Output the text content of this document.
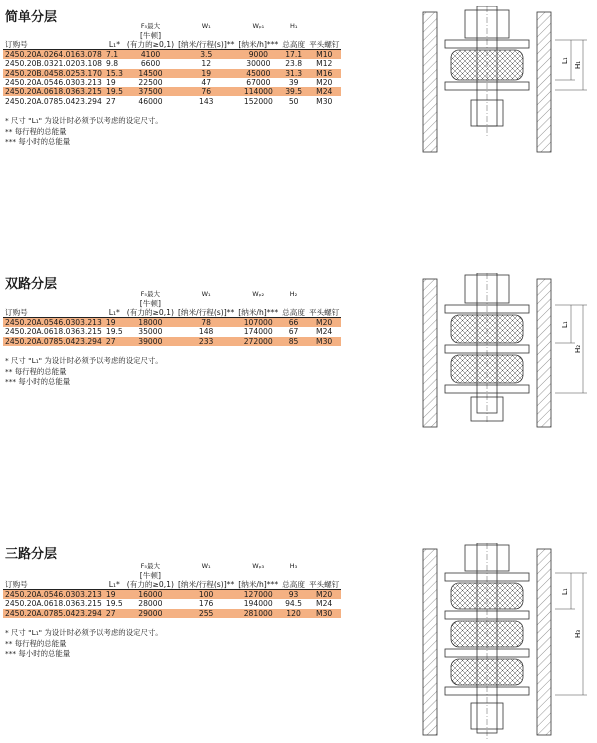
简单分层
订购号	L₁*	F₅最大	W₁	Wₚ₁	H₁	平头螺钉
		[牛顿]	[纳米/行程(s)]**	[纳米/h]***	总高度	
		(有力的≥0,1)				

2450.20A.0264.0163.078	7.1	4100	3.5	9000	17.1	M10
2450.20B.0321.0203.108	9.8	6600	12	30000	23.8	M12
2450.20B.0458.0253.170	15.3	14500	19	45000	31.3	M16
2450.20A.0546.0303.213	19	22500	47	67000	39	M20
2450.20A.0618.0363.215	19.5	37500	76	114000	39.5	M24
2450.20A.0785.0423.294	27	46000	143	152000	50	M30
* 尺寸 "L₁" 为设计时必须予以考虑的设定尺寸。
** 每行程的总能量
*** 每小时的总能量
双路分层
订购号	L₁*	F₅最大	W₁	Wₚ₂	H₂	平头螺钉
		[牛顿]	[纳米/行程(s)]**	[纳米/h]***	总高度	
		(有力的≥0,1)				

2450.20A.0546.0303.213	19	18000	78	107000	66	M20
2450.20A.0618.0363.215	19.5	35000	148	174000	67	M24
2450.20A.0785.0423.294	27	39000	233	272000	85	M30
* 尺寸 "L₁" 为设计时必须予以考虑的设定尺寸。
** 每行程的总能量
*** 每小时的总能量
三路分层
订购号	L₁*	F₅最大	W₁	Wₚ₃	H₃	平头螺钉
		[牛顿]	[纳米/行程(s)]**	[纳米/h]***	总高度	
		(有力的≥0,1)				

2450.20A.0546.0303.213	19	16000	100	127000	93	M20
2450.20A.0618.0363.215	19.5	28000	176	194000	94.5	M24
2450.20A.0785.0423.294	27	29000	255	281000	120	M30
* 尺寸 "L₁" 为设计时必须予以考虑的设定尺寸。
** 每行程的总能量
*** 每小时的总能量
L₁
H₁
L₁
H₂
L₁
H₃
